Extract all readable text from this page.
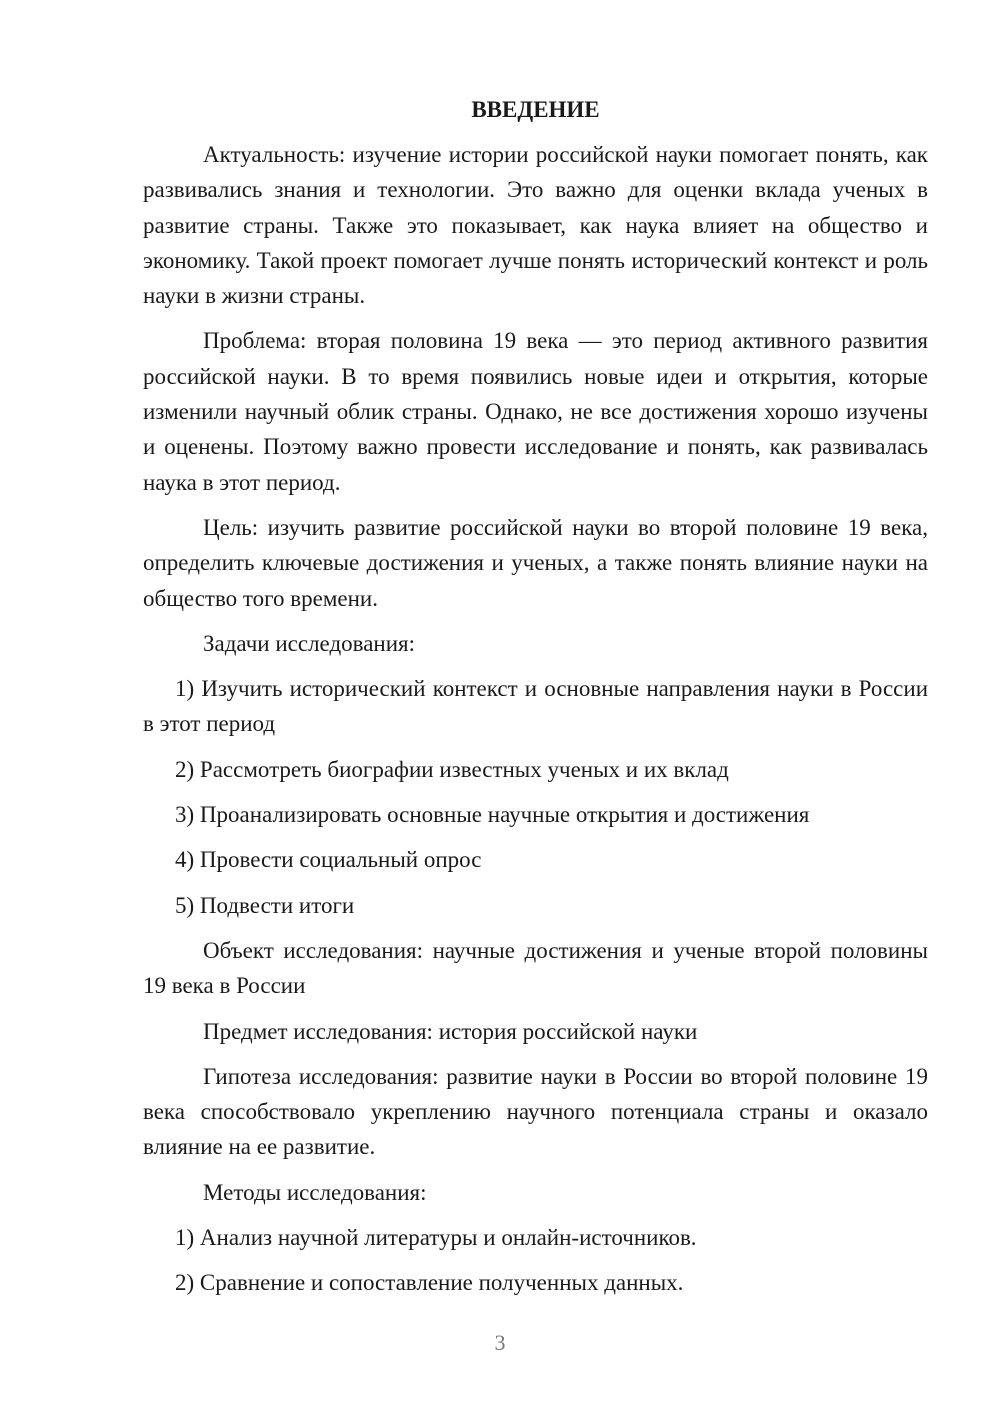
ВВЕДЕНИЕ

Актуальность: изучение истории российской науки помогает понять, как развивались знания и технологии. Это важно для оценки вклада ученых в развитие страны. Также это показывает, как наука влияет на общество и экономику. Такой проект помогает лучше понять исторический контекст и роль науки в жизни страны.

Проблема: вторая половина 19 века — это период активного развития российской науки. В то время появились новые идеи и открытия, которые изменили научный облик страны. Однако, не все достижения хорошо изучены и оценены. Поэтому важно провести исследование и понять, как развивалась наука в этот период.

Цель: изучить развитие российской науки во второй половине 19 века, определить ключевые достижения и ученых, а также понять влияние науки на общество того времени.

Задачи исследования:

1) Изучить исторический контекст и основные направления науки в России в этот период

2) Рассмотреть биографии известных ученых и их вклад

3) Проанализировать основные научные открытия и достижения

4) Провести социальный опрос

5) Подвести итоги

Объект исследования: научные достижения и ученые второй половины 19 века в России

Предмет исследования: история российской науки

Гипотеза исследования: развитие науки в России во второй половине 19 века способствовало укреплению научного потенциала страны и оказало влияние на ее развитие.

Методы исследования:

1) Анализ научной литературы и онлайн-источников.

2) Сравнение и сопоставление полученных данных.

3
